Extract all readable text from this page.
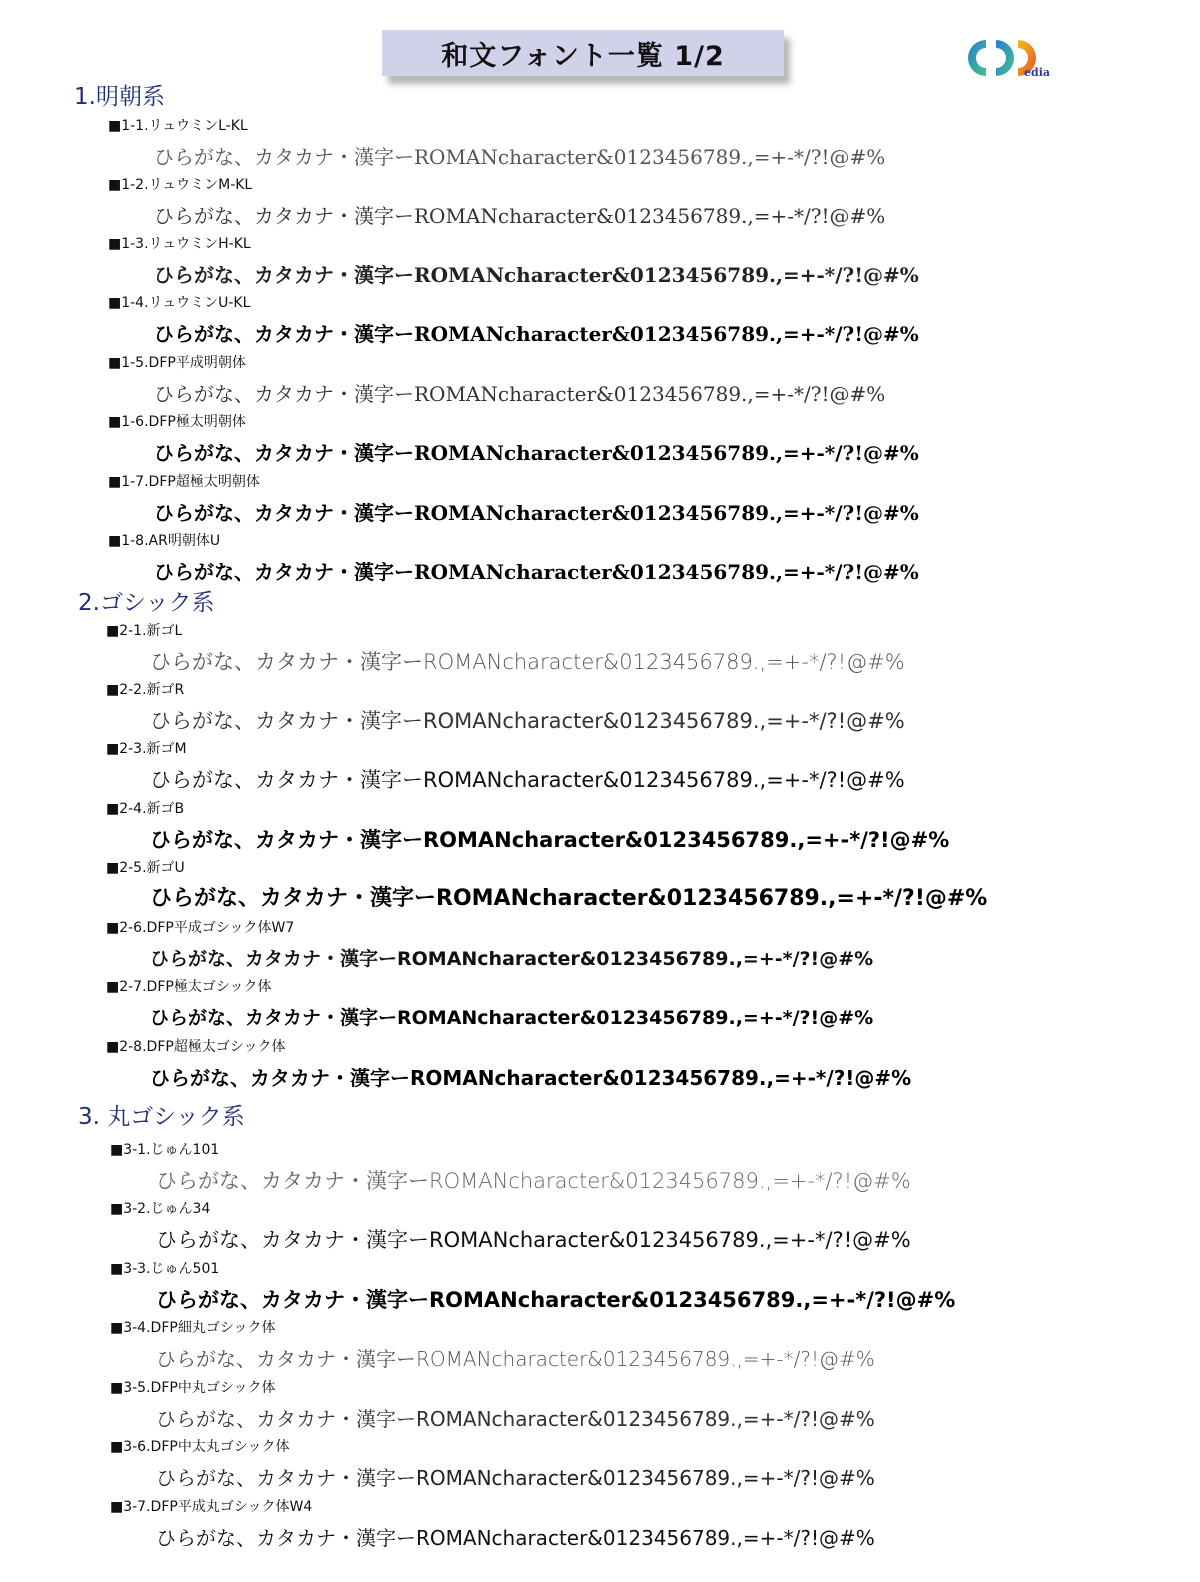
和文フォント一覧 1/2
edia
1.明朝系
■1-1.リュウミンL-KL
ひらがな、カタカナ・漢字ーROMANcharacter&0123456789.,=+-*/?!@#%
■1-2.リュウミンM-KL
ひらがな、カタカナ・漢字ーROMANcharacter&0123456789.,=+-*/?!@#%
■1-3.リュウミンH-KL
ひらがな、カタカナ・漢字ーROMANcharacter&0123456789.,=+-*/?!@#%
■1-4.リュウミンU-KL
ひらがな、カタカナ・漢字ーROMANcharacter&0123456789.,=+-*/?!@#%
■1-5.DFP平成明朝体
ひらがな、カタカナ・漢字ーROMANcharacter&0123456789.,=+-*/?!@#%
■1-6.DFP極太明朝体
ひらがな、カタカナ・漢字ーROMANcharacter&0123456789.,=+-*/?!@#%
■1-7.DFP超極太明朝体
ひらがな、カタカナ・漢字ーROMANcharacter&0123456789.,=+-*/?!@#%
■1-8.AR明朝体U
ひらがな、カタカナ・漢字ーROMANcharacter&0123456789.,=+-*/?!@#%
2.ゴシック系
■2-1.新ゴL
ひらがな、カタカナ・漢字ーROMANcharacter&0123456789.,=+-*/?!@#%
■2-2.新ゴR
ひらがな、カタカナ・漢字ーROMANcharacter&0123456789.,=+-*/?!@#%
■2-3.新ゴM
ひらがな、カタカナ・漢字ーROMANcharacter&0123456789.,=+-*/?!@#%
■2-4.新ゴB
ひらがな、カタカナ・漢字ーROMANcharacter&0123456789.,=+-*/?!@#%
■2-5.新ゴU
ひらがな、カタカナ・漢字ーROMANcharacter&0123456789.,=+-*/?!@#%
■2-6.DFP平成ゴシック体W7
ひらがな、カタカナ・漢字ーROMANcharacter&0123456789.,=+-*/?!@#%
■2-7.DFP極太ゴシック体
ひらがな、カタカナ・漢字ーROMANcharacter&0123456789.,=+-*/?!@#%
■2-8.DFP超極太ゴシック体
ひらがな、カタカナ・漢字ーROMANcharacter&0123456789.,=+-*/?!@#%
3. 丸ゴシック系
■3-1.じゅん101
ひらがな、カタカナ・漢字ーROMANcharacter&0123456789.,=+-*/?!@#%
■3-2.じゅん34
ひらがな、カタカナ・漢字ーROMANcharacter&0123456789.,=+-*/?!@#%
■3-3.じゅん501
ひらがな、カタカナ・漢字ーROMANcharacter&0123456789.,=+-*/?!@#%
■3-4.DFP細丸ゴシック体
ひらがな、カタカナ・漢字ーROMANcharacter&0123456789.,=+-*/?!@#%
■3-5.DFP中丸ゴシック体
ひらがな、カタカナ・漢字ーROMANcharacter&0123456789.,=+-*/?!@#%
■3-6.DFP中太丸ゴシック体
ひらがな、カタカナ・漢字ーROMANcharacter&0123456789.,=+-*/?!@#%
■3-7.DFP平成丸ゴシック体W4
ひらがな、カタカナ・漢字ーROMANcharacter&0123456789.,=+-*/?!@#%
